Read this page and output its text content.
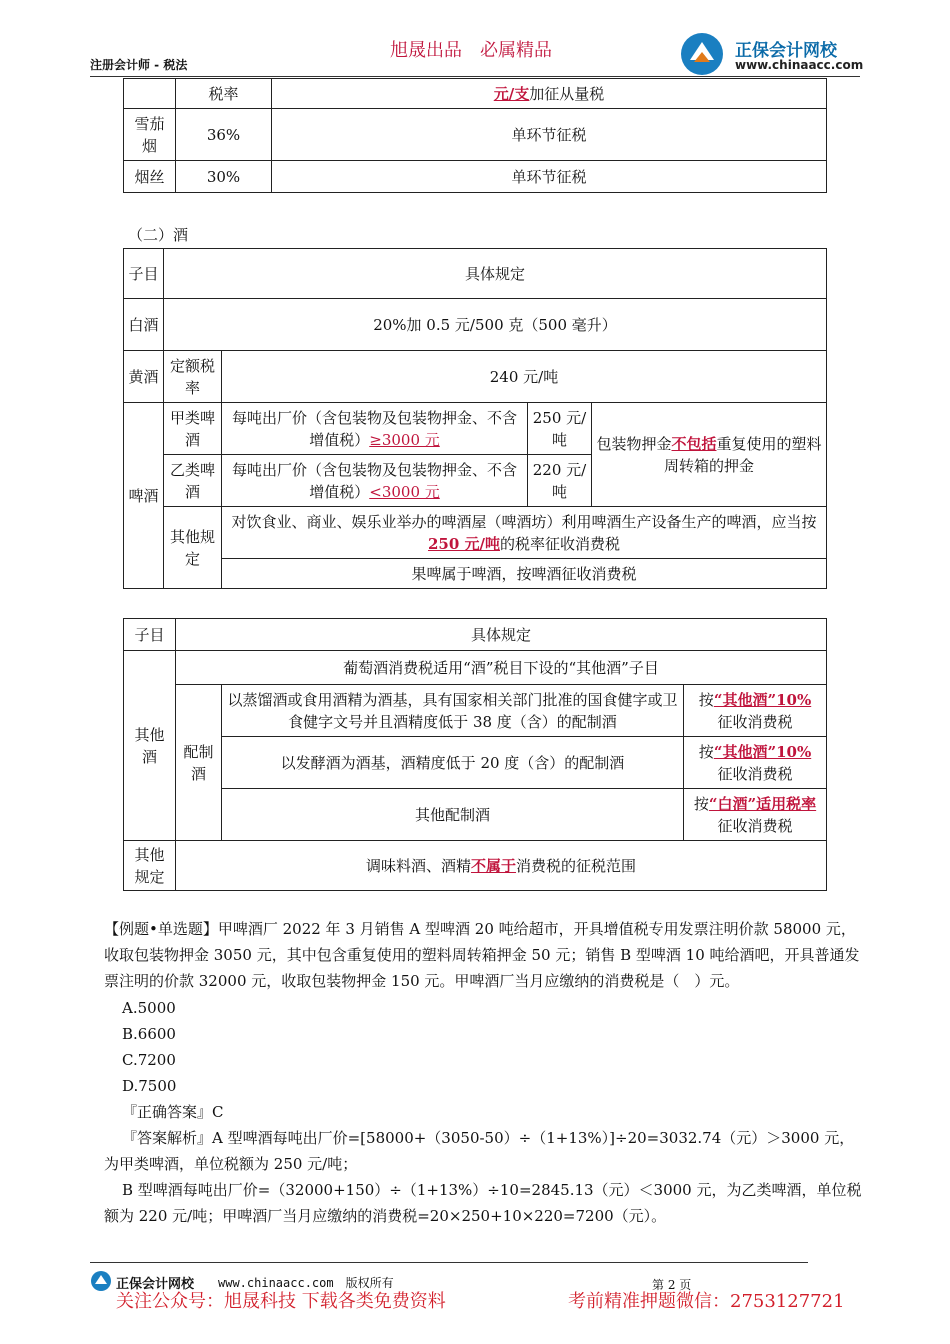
旭晟出品　必属精品
注册会计师 - 税法
正保会计网校
www.chinaacc.com
	税率	元/支加征从量税
雪茄烟	36%	单环节征税
烟丝	30%	单环节征税
（二）酒
子目	具体规定			
白酒	20%加 0.5 元/500 克（500 毫升）			
黄酒	定额税率	240 元/吨		
啤酒	甲类啤酒	每吨出厂价（含包装物及包装物押金、不含增值税）≥3000 元	250 元/吨	包装物押金不包括重复使用的塑料周转箱的押金
	乙类啤酒	每吨出厂价（含包装物及包装物押金、不含增值税）<3000 元	220 元/吨	
	其他规定	对饮食业、商业、娱乐业举办的啤酒屋（啤酒坊）利用啤酒生产设备生产的啤酒，应当按250 元/吨的税率征收消费税		
		果啤属于啤酒，按啤酒征收消费税		
子目	具体规定		
其他酒	葡萄酒消费税适用“酒”税目下设的“其他酒”子目		
	配制酒	以蒸馏酒或食用酒精为酒基，具有国家相关部门批准的国食健字或卫食健字文号并且酒精度低于 38 度（含）的配制酒	按“其他酒”10%
征收消费税
		以发酵酒为酒基，酒精度低于 20 度（含）的配制酒	按“其他酒”10%
征收消费税
		其他配制酒	按“白酒”适用税率征收消费税
其他规定	调味料酒、酒精不属于消费税的征税范围		
【例题•单选题】甲啤酒厂 2022 年 3 月销售 A 型啤酒 20 吨给超市，开具增值税专用发票注明价款 58000 元，收取包装物押金 3050 元，其中包含重复使用的塑料周转箱押金 50 元；销售 B 型啤酒 10 吨给酒吧，开具普通发票注明的价款 32000 元，收取包装物押金 150 元。甲啤酒厂当月应缴纳的消费税是（　）元。
A.5000
B.6600
C.7200
D.7500
『正确答案』C
『答案解析』A 型啤酒每吨出厂价=[58000+（3050-50）÷（1+13%）]÷20=3032.74（元）＞3000 元，为甲类啤酒，单位税额为 250 元/吨；
B 型啤酒每吨出厂价=（32000+150）÷（1+13%）÷10=2845.13（元）＜3000 元，为乙类啤酒，单位税额为 220 元/吨；甲啤酒厂当月应缴纳的消费税=20×250+10×220=7200（元）。
正保会计网校 www.chinaacc.com　版权所有	第 2 页
关注公众号：旭晟科技 下载各类免费资料	考前精准押题微信：2753127721
